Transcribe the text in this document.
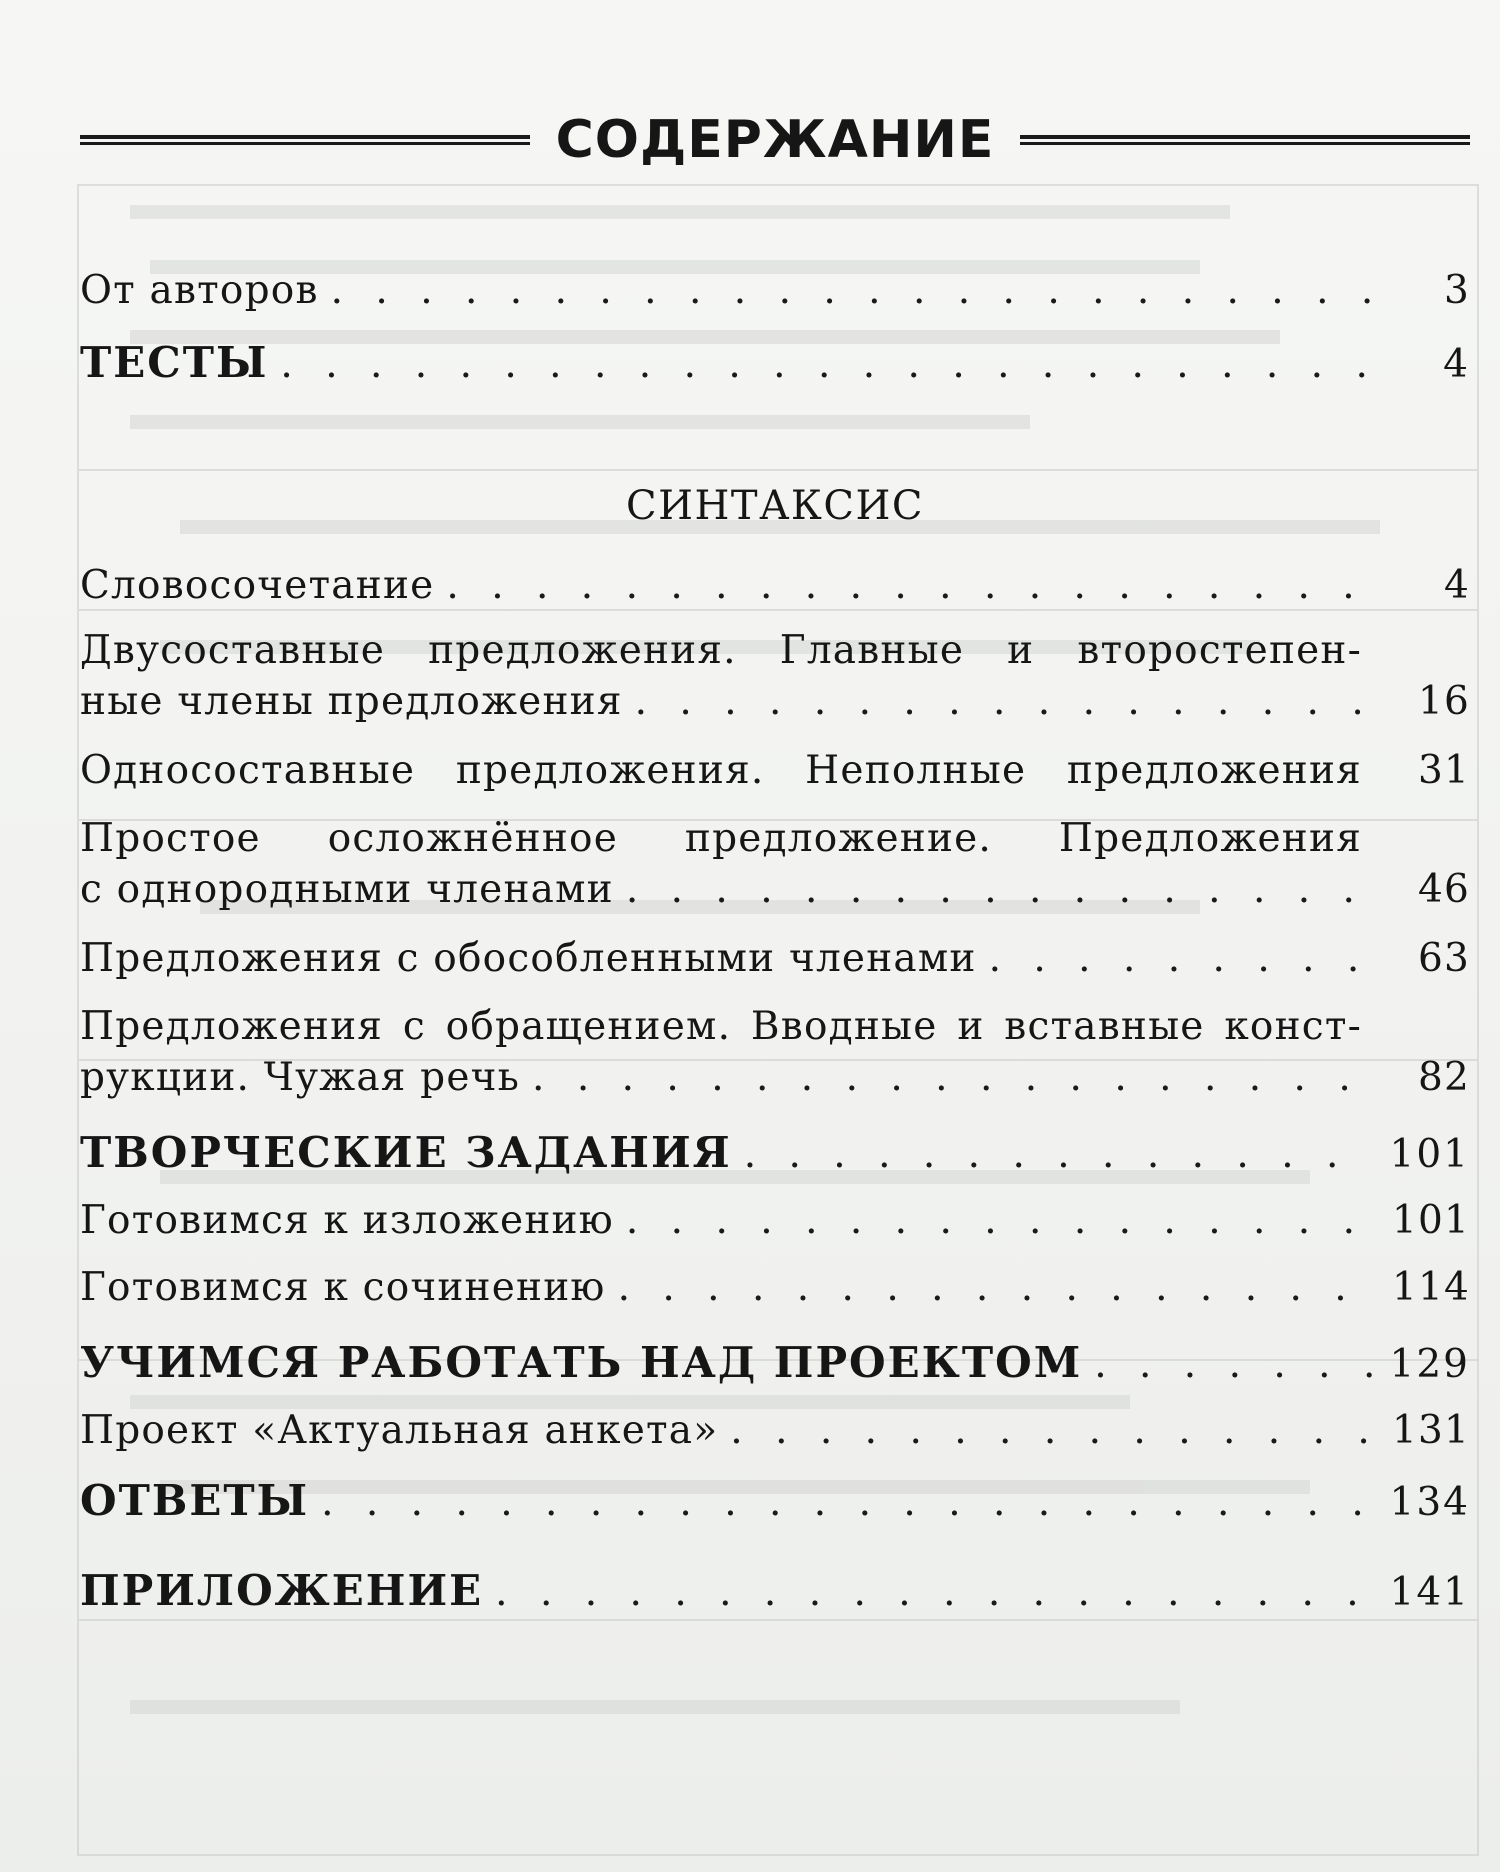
СОДЕРЖАНИЕ
От авторов . . .	3
ТЕСТЫ . . .	4
СИНТАКСИС
Словосочетание . . .	4
Двусоставные предложения. Главные и второстепен-
ные члены предложения . . .	16
Односоставные предложения. Неполные предложения	31
Простое осложнённое предложение. Предложения
с однородными членами . . .	46
Предложения с обособленными членами . . .	63
Предложения с обращением. Вводные и вставные конст-
рукции. Чужая речь . . .	82
ТВОРЧЕСКИЕ ЗАДАНИЯ . . .	101
Готовимся к изложению . . .	101
Готовимся к сочинению . . .	114
УЧИМСЯ РАБОТАТЬ НАД ПРОЕКТОМ . . .	129
Проект «Актуальная анкета» . . .	131
ОТВЕТЫ . . .	134
ПРИЛОЖЕНИЕ . . .	141
